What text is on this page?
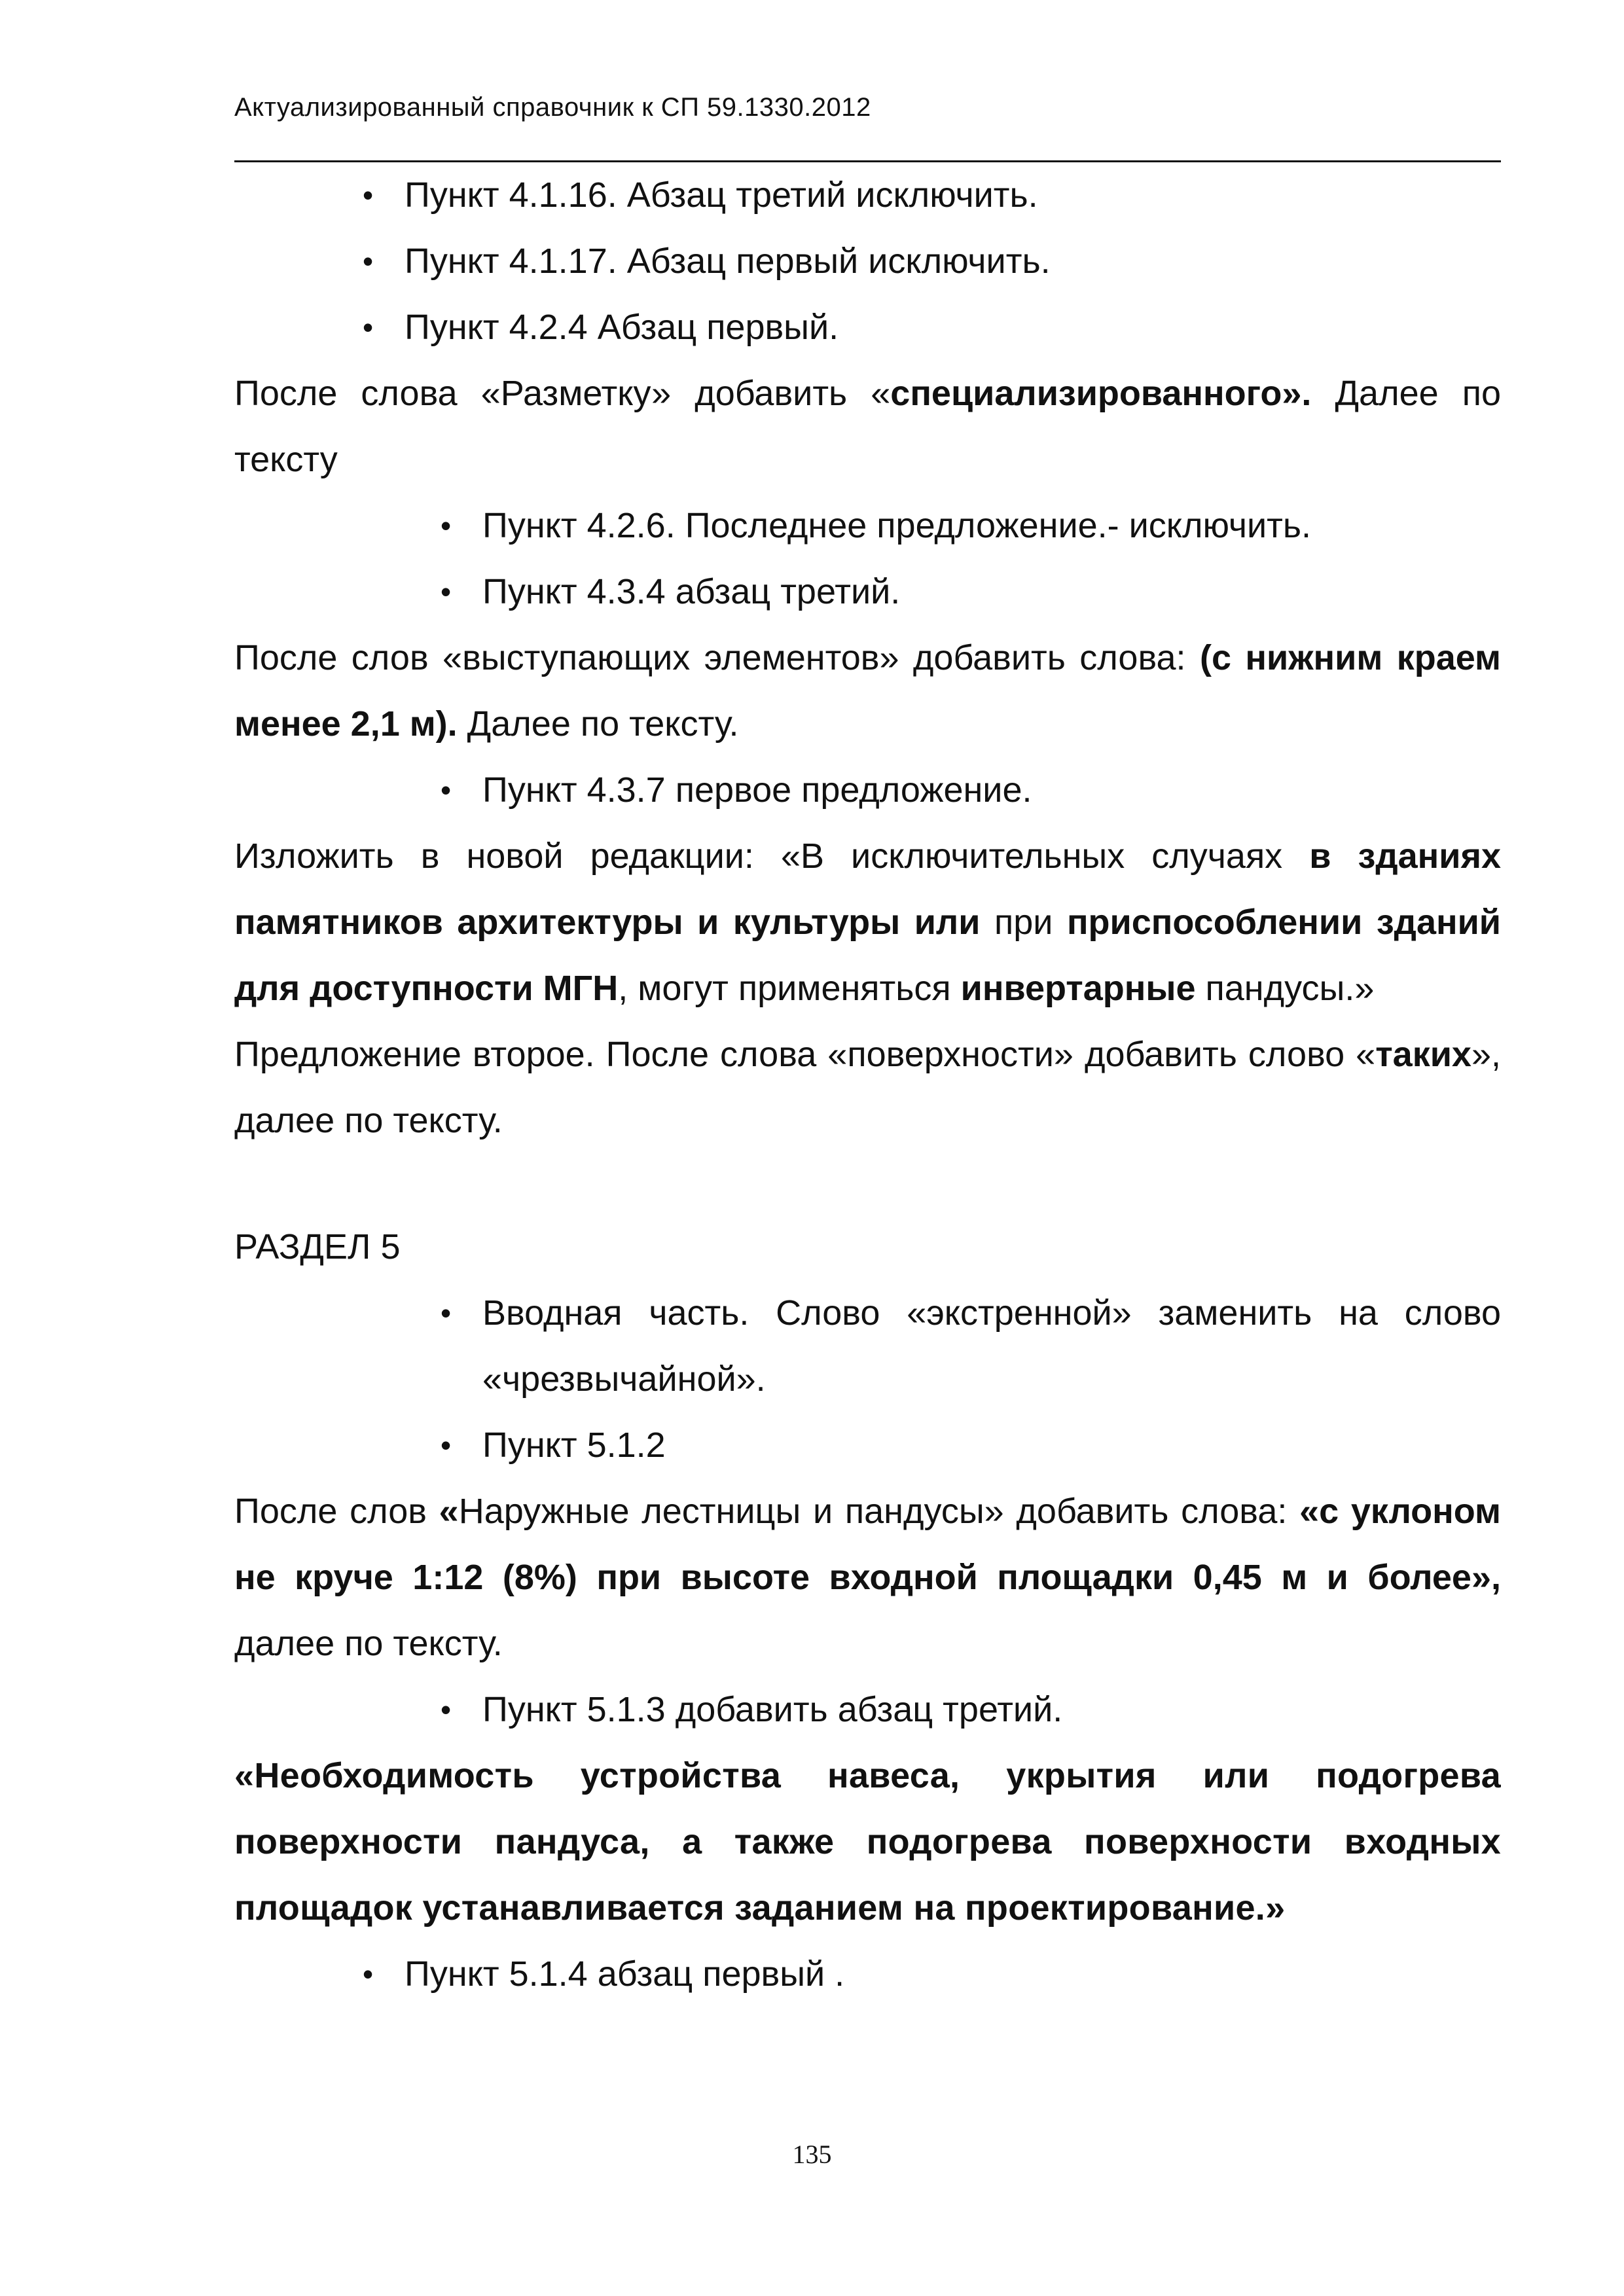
Актуализированный справочник к СП 59.1330.2012
• Пункт 4.1.16. Абзац третий исключить.
• Пункт 4.1.17. Абзац первый исключить.
• Пункт 4.2.4 Абзац первый.
После слова «Разметку» добавить «специализированного». Далее по тексту
• Пункт 4.2.6. Последнее предложение.- исключить.
• Пункт 4.3.4 абзац третий.
После слов «выступающих элементов» добавить слова: (с нижним краем менее 2,1 м). Далее по тексту.
• Пункт 4.3.7 первое предложение.
Изложить в новой редакции: «В исключительных случаях в зданиях памятников архитектуры и культуры или при приспособлении зданий для доступности МГН, могут применяться инвертарные пандусы.»
Предложение второе. После слова «поверхности» добавить слово «таких», далее по тексту.
РАЗДЕЛ 5
• Вводная часть. Слово «экстренной» заменить на слово «чрезвычайной».
• Пункт 5.1.2
После слов «Наружные лестницы и пандусы» добавить слова: «с уклоном не круче 1:12 (8%) при высоте входной площадки 0,45 м и более», далее по тексту.
• Пункт 5.1.3 добавить абзац третий.
«Необходимость устройства навеса, укрытия или подогрева поверхности пандуса, а также подогрева поверхности входных площадок устанавливается заданием на проектирование.»
• Пункт 5.1.4 абзац первый .
135
